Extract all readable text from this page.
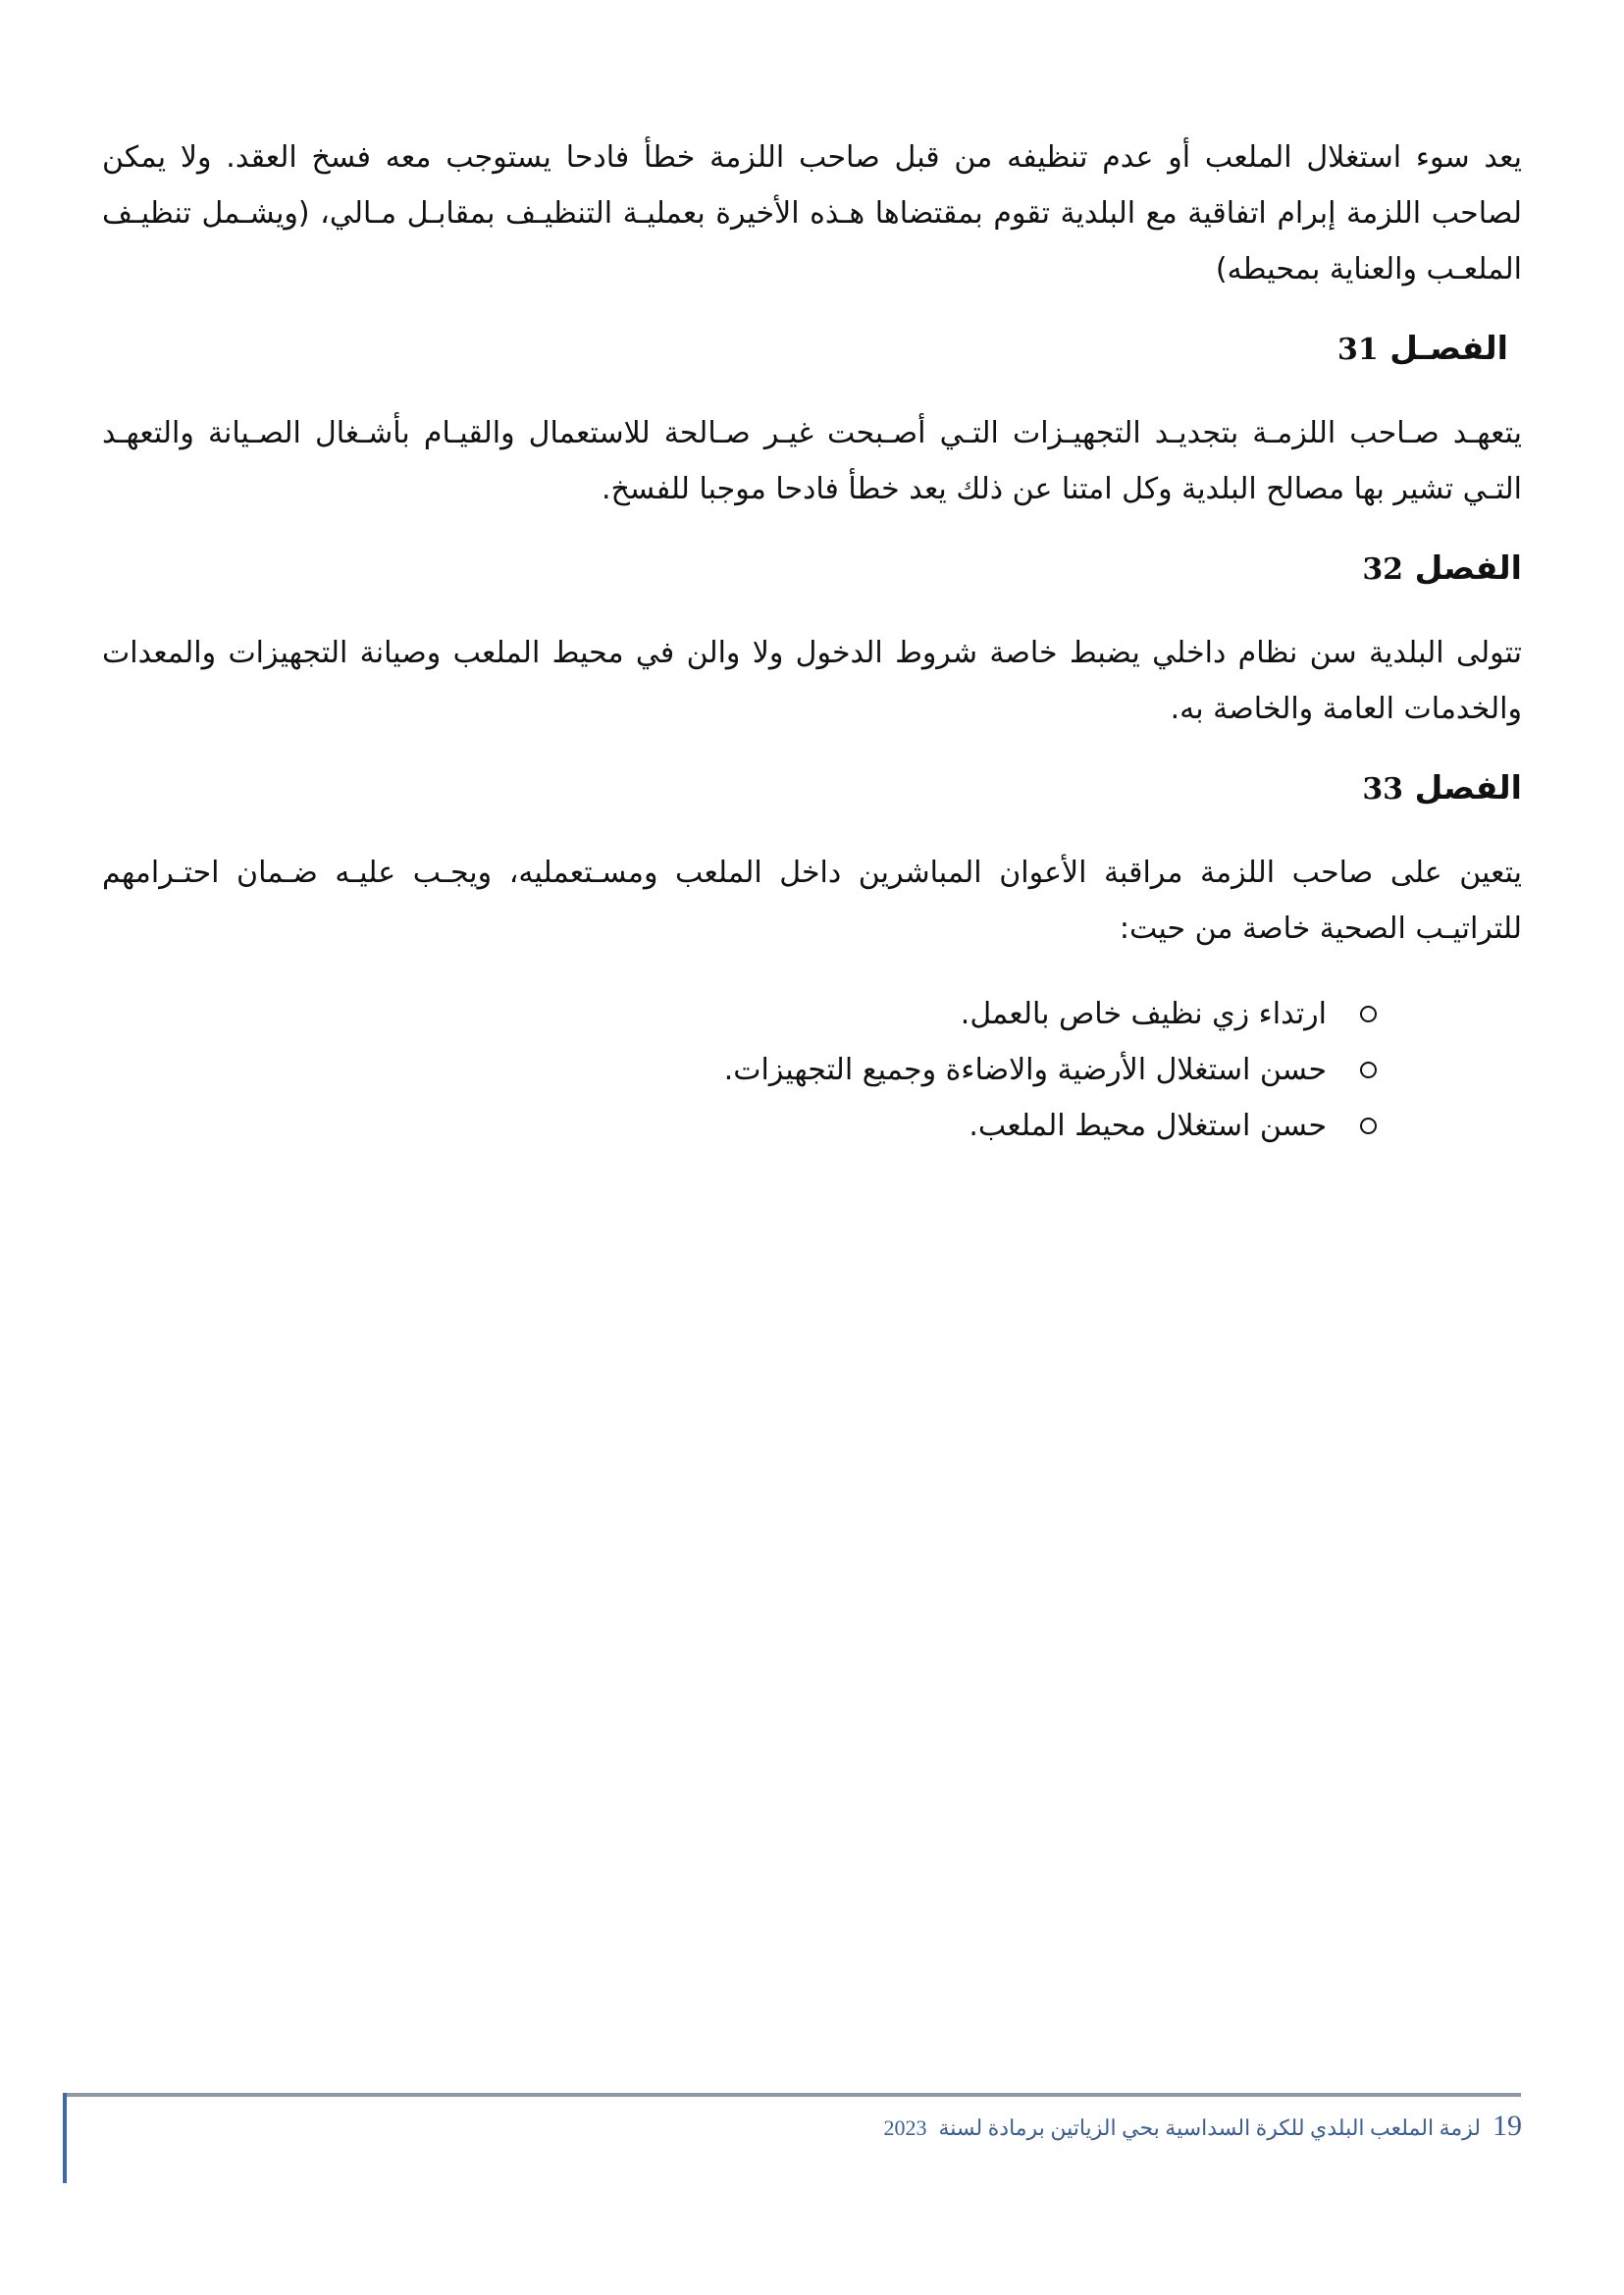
يعد سوء استغلال الملعب أو عدم تنظيفه من قبل صاحب اللزمة خطأ فادحا يستوجب معه فسخ العقد. ولا يمكن لصاحب اللزمة إبرام اتفاقية مع البلدية تقوم بمقتضاها هـذه الأخيرة بعمليـة التنظيـف بمقابـل مـالي، (ويشـمل تنظيـف الملعـب والعناية بمحيطه)

الفصـل 31

يتعهـد صـاحب اللزمـة بتجديـد التجهيـزات التـي أصـبحت غيـر صـالحة للاستعمال والقيـام بأشـغال الصـيانة والتعهـد التـي تشير بها مصالح البلدية وكل امتنا عن ذلك يعد خطأ فادحا موجبا للفسخ.

الفصل 32

تتولى البلدية سن نظام داخلي يضبط خاصة شروط الدخول ولا والن في محيط الملعب وصيانة التجهيزات والمعدات والخدمات العامة والخاصة به.

الفصل 33

يتعين على صاحب اللزمة مراقبة الأعوان المباشرين داخل الملعب ومسـتعمليه، ويجـب عليـه ضـمان احتـرامهم للتراتيـب الصحية خاصة من حيت:

ارتداء زي نظيف خاص بالعمل.
حسن استغلال الأرضية والاضاءة وجميع التجهيزات.
حسن استغلال محيط الملعب.
19
لزمة الملعب البلدي للكرة السداسية بحي الزياتين برمادة لسنة
2023
